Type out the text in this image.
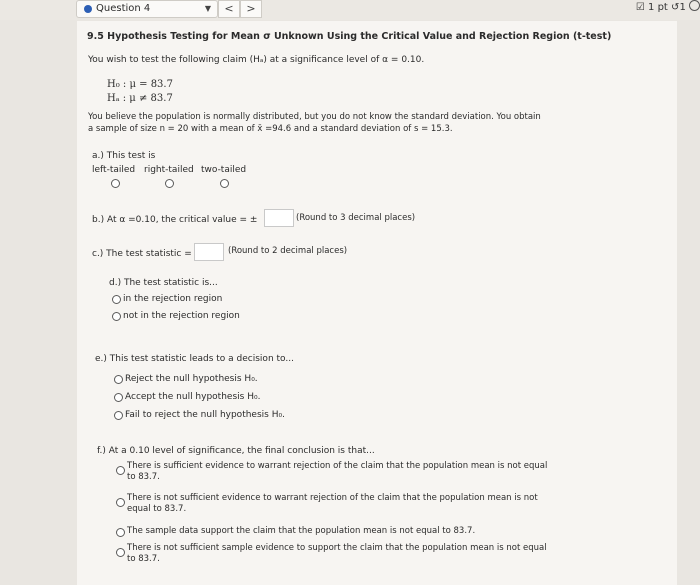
Question 4	▼	<	>	☑ 1 pt ↺1
9.5 Hypothesis Testing for Mean σ Unknown Using the Critical Value and Rejection Region (t-test)
You wish to test the following claim (Hₐ) at a significance level of α = 0.10.
H₀ : μ = 83.7
Hₐ : μ ≠ 83.7
You believe the population is normally distributed, but you do not know the standard deviation. You obtain
a sample of size n = 20 with a mean of x̄ =94.6 and a standard deviation of s = 15.3.
a.) This test is
left-tailed right-tailed two-tailed
b.) At α =0.10, the critical value = ±	(Round to 3 decimal places)
c.) The test statistic =	(Round to 2 decimal places)
d.) The test statistic is...
in the rejection region
not in the rejection region
e.) This test statistic leads to a decision to...
Reject the null hypothesis H₀.
Accept the null hypothesis H₀.
Fail to reject the null hypothesis H₀.
f.) At a 0.10 level of significance, the final conclusion is that...
There is sufficient evidence to warrant rejection of the claim that the population mean is not equal
to 83.7.
There is not sufficient evidence to warrant rejection of the claim that the population mean is not
equal to 83.7.
The sample data support the claim that the population mean is not equal to 83.7.
There is not sufficient sample evidence to support the claim that the population mean is not equal
to 83.7.
